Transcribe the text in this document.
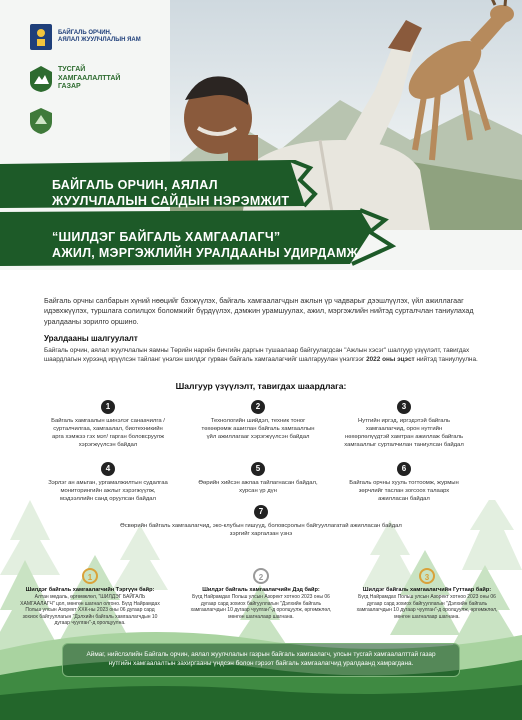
БАЙГАЛЬ ОРЧИН,
АЯЛАЛ ЖУУЛЧЛАЛЫН ЯАМ
ТУСГАЙ
ХАМГААЛАЛТТАЙ
ГАЗАР
БАЙГАЛЬ ОРЧИН, АЯЛАЛ
ЖУУЛЧЛАЛЫН САЙДЫН НЭРЭМЖИТ
“ШИЛДЭГ БАЙГАЛЬ ХАМГААЛАГЧ”
АЖИЛ, МЭРГЭЖЛИЙН УРАЛДААНЫ УДИРДАМЖ
Байгаль орчны салбарын хүний нөөцийг бэхжүүлэх, байгаль хамгаалагчдын ажлын үр чадварыг дээшлүүлэх, үйл ажиллагааг идэвхжүүлэх, туршлага солилцох боломжийг бүрдүүлэх, дэмжин урамшуулах, ажил, мэргэжлийн нийтэд сурталчлан таниулахад уралдааны зорилго оршино.
Уралдааны шалгуулалт
Байгаль орчин, аялал жуулчлалын яамны Төрийн нарийн бичгийн даргын тушаалаар байгуулагдсан "Ажлын хэсэг" шалгуур үзүүлэлт, тавигдах шаардлагын хүрээнд ирүүлсэн тайланг үнэлэн шилдэг гурван байгаль хамгаалагчийг шалгаруулан үнэлгээг 2022 оны эцэст нийтэд таниулуулна.
Шалгуур үзүүлэлт, тавигдах шаардлага:
1
Байгаль хамгаалын шинэлэг санаачилга /сурталчилгаа, хамгаалал, биотехникийн арга хэмжээ гэх мэт/ гарган боловсруулж хэрэгжүүлсэн байдал
2
Технологийн шийдэл, техник тоног төхөөрөмж ашиглан байгаль хамгааллын үйл ажиллагааг хэрэгжүүлсэн байдал
3
Нутгийн иргэд, иргэдэтэй байгаль хамгаалагчид, орон нутгийн нөхөрлөлүүдтэй хамтран ажиллаж байгаль хамгааллыг сурталчилан таниулсан байдал
4
Зэрлэг ан амьтан, ургамалжилтын судалгаа мониторингийн ажлыг хэрэгжүүлж, мэдээллийн санд оруулсан байдал
5
Өөрийн хийсэн ажлаа тайлагнасан байдал, хурсан үр дүн
6
Байгаль орчны хууль тогтоомж, журмын зөрчлийг таслан зогсоох талаарх ажилласан байдал
7
Өсвөрийн байгаль хамгаалагчид, эко-клубын гишүүд, боловсролын байгууллагатай ажилласан байдал зэргийг харгалзан үзнэ
1
Шилдэг байгаль хамгаалагчийн Тэргүүн байр:
Алтан медаль, өргөмжлөл, "ШИЛДЭГ БАЙГАЛЬ ХАМГААЛАГЧ" цол, мөнгөн шагнал олгоно. Бүгд Найрамдах Польш улсын Азорект ХХК-ны 2023 оны 06 дугаар сард зохиох байгууллагын "Дэлхийн байгаль хамгаалагчдын 10 дугаар чуулган"-д оролцуулна.
2
Шилдэг байгаль хамгаалагчийн Дэд байр:
Бүгд Найрамдах Польш улсын Азорект хотноо 2023 оны 06 дугаар сард зохиох байгууллагын "Дэлхийн байгаль хамгаалагчдын 10 дугаар чуулган"-д оролцуулж, өргөмжлөл, мөнгөн шагналаар шагнана.
3
Шилдэг байгаль хамгаалагчийн Гуттаар байр:
Бүгд Найрамдах Польш улсын Азорект хотноо 2023 оны 06 дугаар сард зохиох байгууллагын "Дэлхийн байгаль хамгаалагчдын 10 дугаар чуулган"-д оролцуулж, өргөмжлөл, мөнгөн шагналаар шагнана.
Аймаг, нийслэлийн Байгаль орчин, аялал жуулчлалын газрын байгаль хамгаалагч, улсын тусгай хамгаалалттай газар нутгийн хамгаалалтын захиргааны үндсэн болон гэрээт байгаль хамгаалагчид уралдаанд хамрагдана.
